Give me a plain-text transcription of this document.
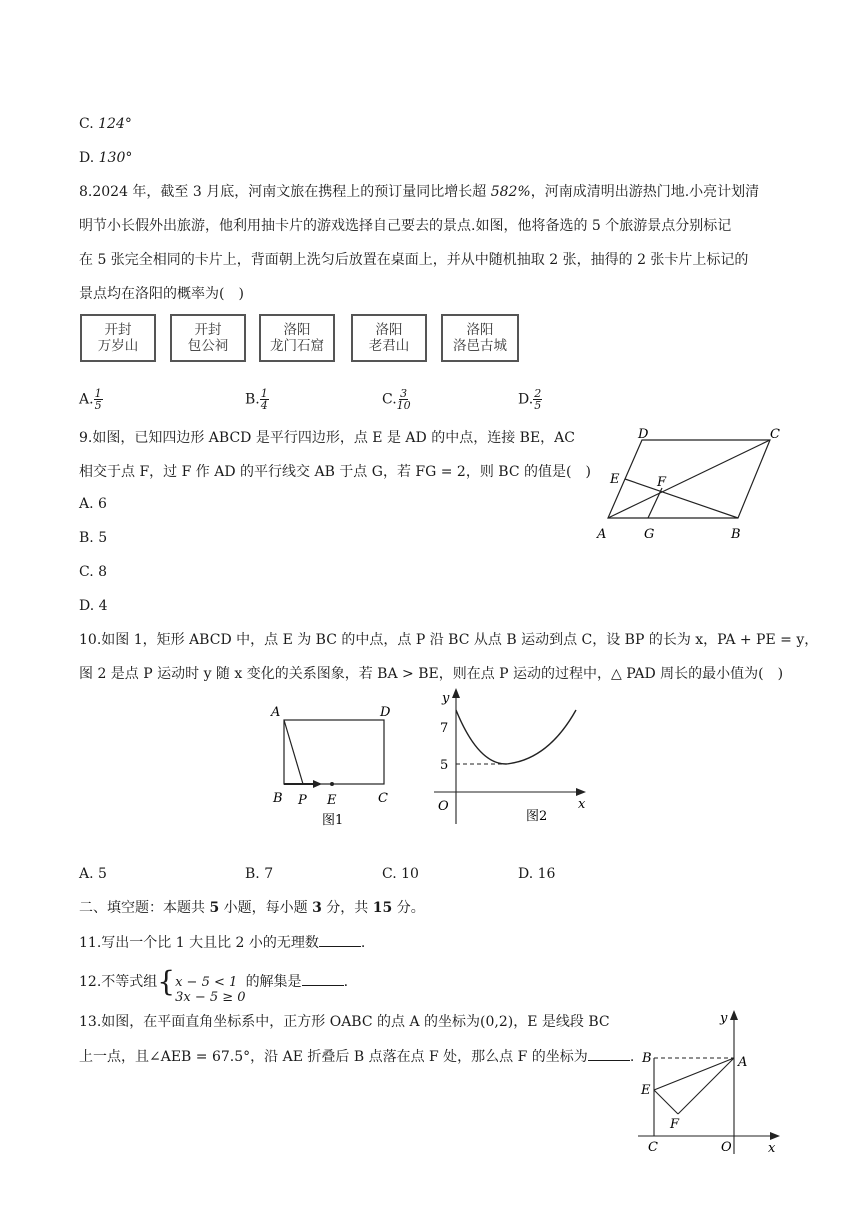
C. 124°
D. 130°
8.2024 年，截至 3 月底，河南文旅在携程上的预订量同比增长超 582%，河南成清明出游热门地.小亮计划清
明节小长假外出旅游，他利用抽卡片的游戏选择自己要去的景点.如图，他将备选的 5 个旅游景点分别标记
在 5 张完全相同的卡片上，背面朝上洗匀后放置在桌面上，并从中随机抽取 2 张，抽得的 2 张卡片上标记的
景点均在洛阳的概率为(　)
开封
万岁山
开封
包公祠
洛阳
龙门石窟
洛阳
老君山
洛阳
洛邑古城
A. $\frac{1}{5}$	B. $\frac{1}{4}$	C. $\frac{3}{10}$	D. $\frac{2}{5}$
9.如图，已知四边形 ABCD 是平行四边形，点 E 是 AD 的中点，连接 BE，AC
相交于点 F，过 F 作 AD 的平行线交 AB 于点 G，若 FG = 2，则 BC 的值是(　)
A. 6
B. 5
C. 8
D. 4
D	C
E	F
A	G	B
10.如图 1，矩形 ABCD 中，点 E 为 BC 的中点，点 P 沿 BC 从点 B 运动到点 C，设 BP 的长为 x，PA + PE = y，
图 2 是点 P 运动时 y 随 x 变化的关系图象，若 BA > BE，则在点 P 运动的过程中，△ PAD 周长的最小值为(　)
A	D
B P E	C
图1
y
x
O
7
5
图2
A. 5	B. 7	C. 10	D. 16
二、填空题：本题共 5 小题，每小题 3 分，共 15 分。
11.写出一个比 1 大且比 2 小的无理数	.
12.不等式组{ x − 5 < 1
3x − 5 ≥ 0
的解集是	.
13.如图，在平面直角坐标系中，正方形 OABC 的点 A 的坐标为(0,2)，E 是线段 BC
上一点，且∠AEB = 67.5°，沿 AE 折叠后 B 点落在点 F 处，那么点 F 的坐标为	.
y
x
A
B
E
F
C	O
